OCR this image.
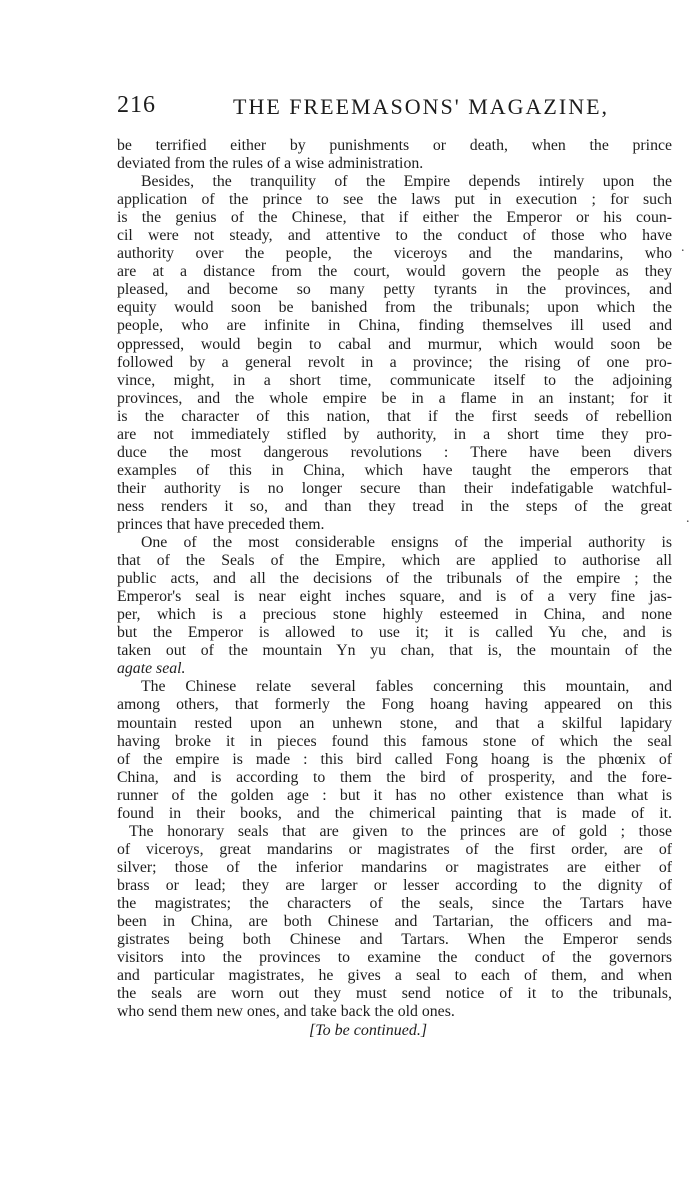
216	THE FREEMASONS' MAGAZINE,
be terrified either by punishments or death, when the prince
deviated from the rules of a wise administration.
Besides, the tranquility of the Empire depends intirely upon the
application of the prince to see the laws put in execution ; for such
is the genius of the Chinese, that if either the Emperor or his coun-
cil were not steady, and attentive to the conduct of those who have
authority over the people, the viceroys and the mandarins, who
are at a distance from the court, would govern the people as they
pleased, and become so many petty tyrants in the provinces, and
equity would soon be banished from the tribunals; upon which the
people, who are infinite in China, finding themselves ill used and
oppressed, would begin to cabal and murmur, which would soon be
followed by a general revolt in a province; the rising of one pro-
vince, might, in a short time, communicate itself to the adjoining
provinces, and the whole empire be in a flame in an instant; for it
is the character of this nation, that if the first seeds of rebellion
are not immediately stifled by authority, in a short time they pro-
duce the most dangerous revolutions : There have been divers
examples of this in China, which have taught the emperors that
their authority is no longer secure than their indefatigable watchful-
ness renders it so, and than they tread in the steps of the great
princes that have preceded them.
One of the most considerable ensigns of the imperial authority is
that of the Seals of the Empire, which are applied to authorise all
public acts, and all the decisions of the tribunals of the empire ; the
Emperor's seal is near eight inches square, and is of a very fine jas-
per, which is a precious stone highly esteemed in China, and none
but the Emperor is allowed to use it; it is called Yu che, and is
taken out of the mountain Yn yu chan, that is, the mountain of the
agate seal.
The Chinese relate several fables concerning this mountain, and
among others, that formerly the Fong hoang having appeared on this
mountain rested upon an unhewn stone, and that a skilful lapidary
having broke it in pieces found this famous stone of which the seal
of the empire is made : this bird called Fong hoang is the phœnix of
China, and is according to them the bird of prosperity, and the fore-
runner of the golden age : but it has no other existence than what is
found in their books, and the chimerical painting that is made of it.
The honorary seals that are given to the princes are of gold ; those
of viceroys, great mandarins or magistrates of the first order, are of
silver; those of the inferior mandarins or magistrates are either of
brass or lead; they are larger or lesser according to the dignity of
the magistrates; the characters of the seals, since the Tartars have
been in China, are both Chinese and Tartarian, the officers and ma-
gistrates being both Chinese and Tartars. When the Emperor sends
visitors into the provinces to examine the conduct of the governors
and particular magistrates, he gives a seal to each of them, and when
the seals are worn out they must send notice of it to the tribunals,
who send them new ones, and take back the old ones.
[To be continued.]
.
.
